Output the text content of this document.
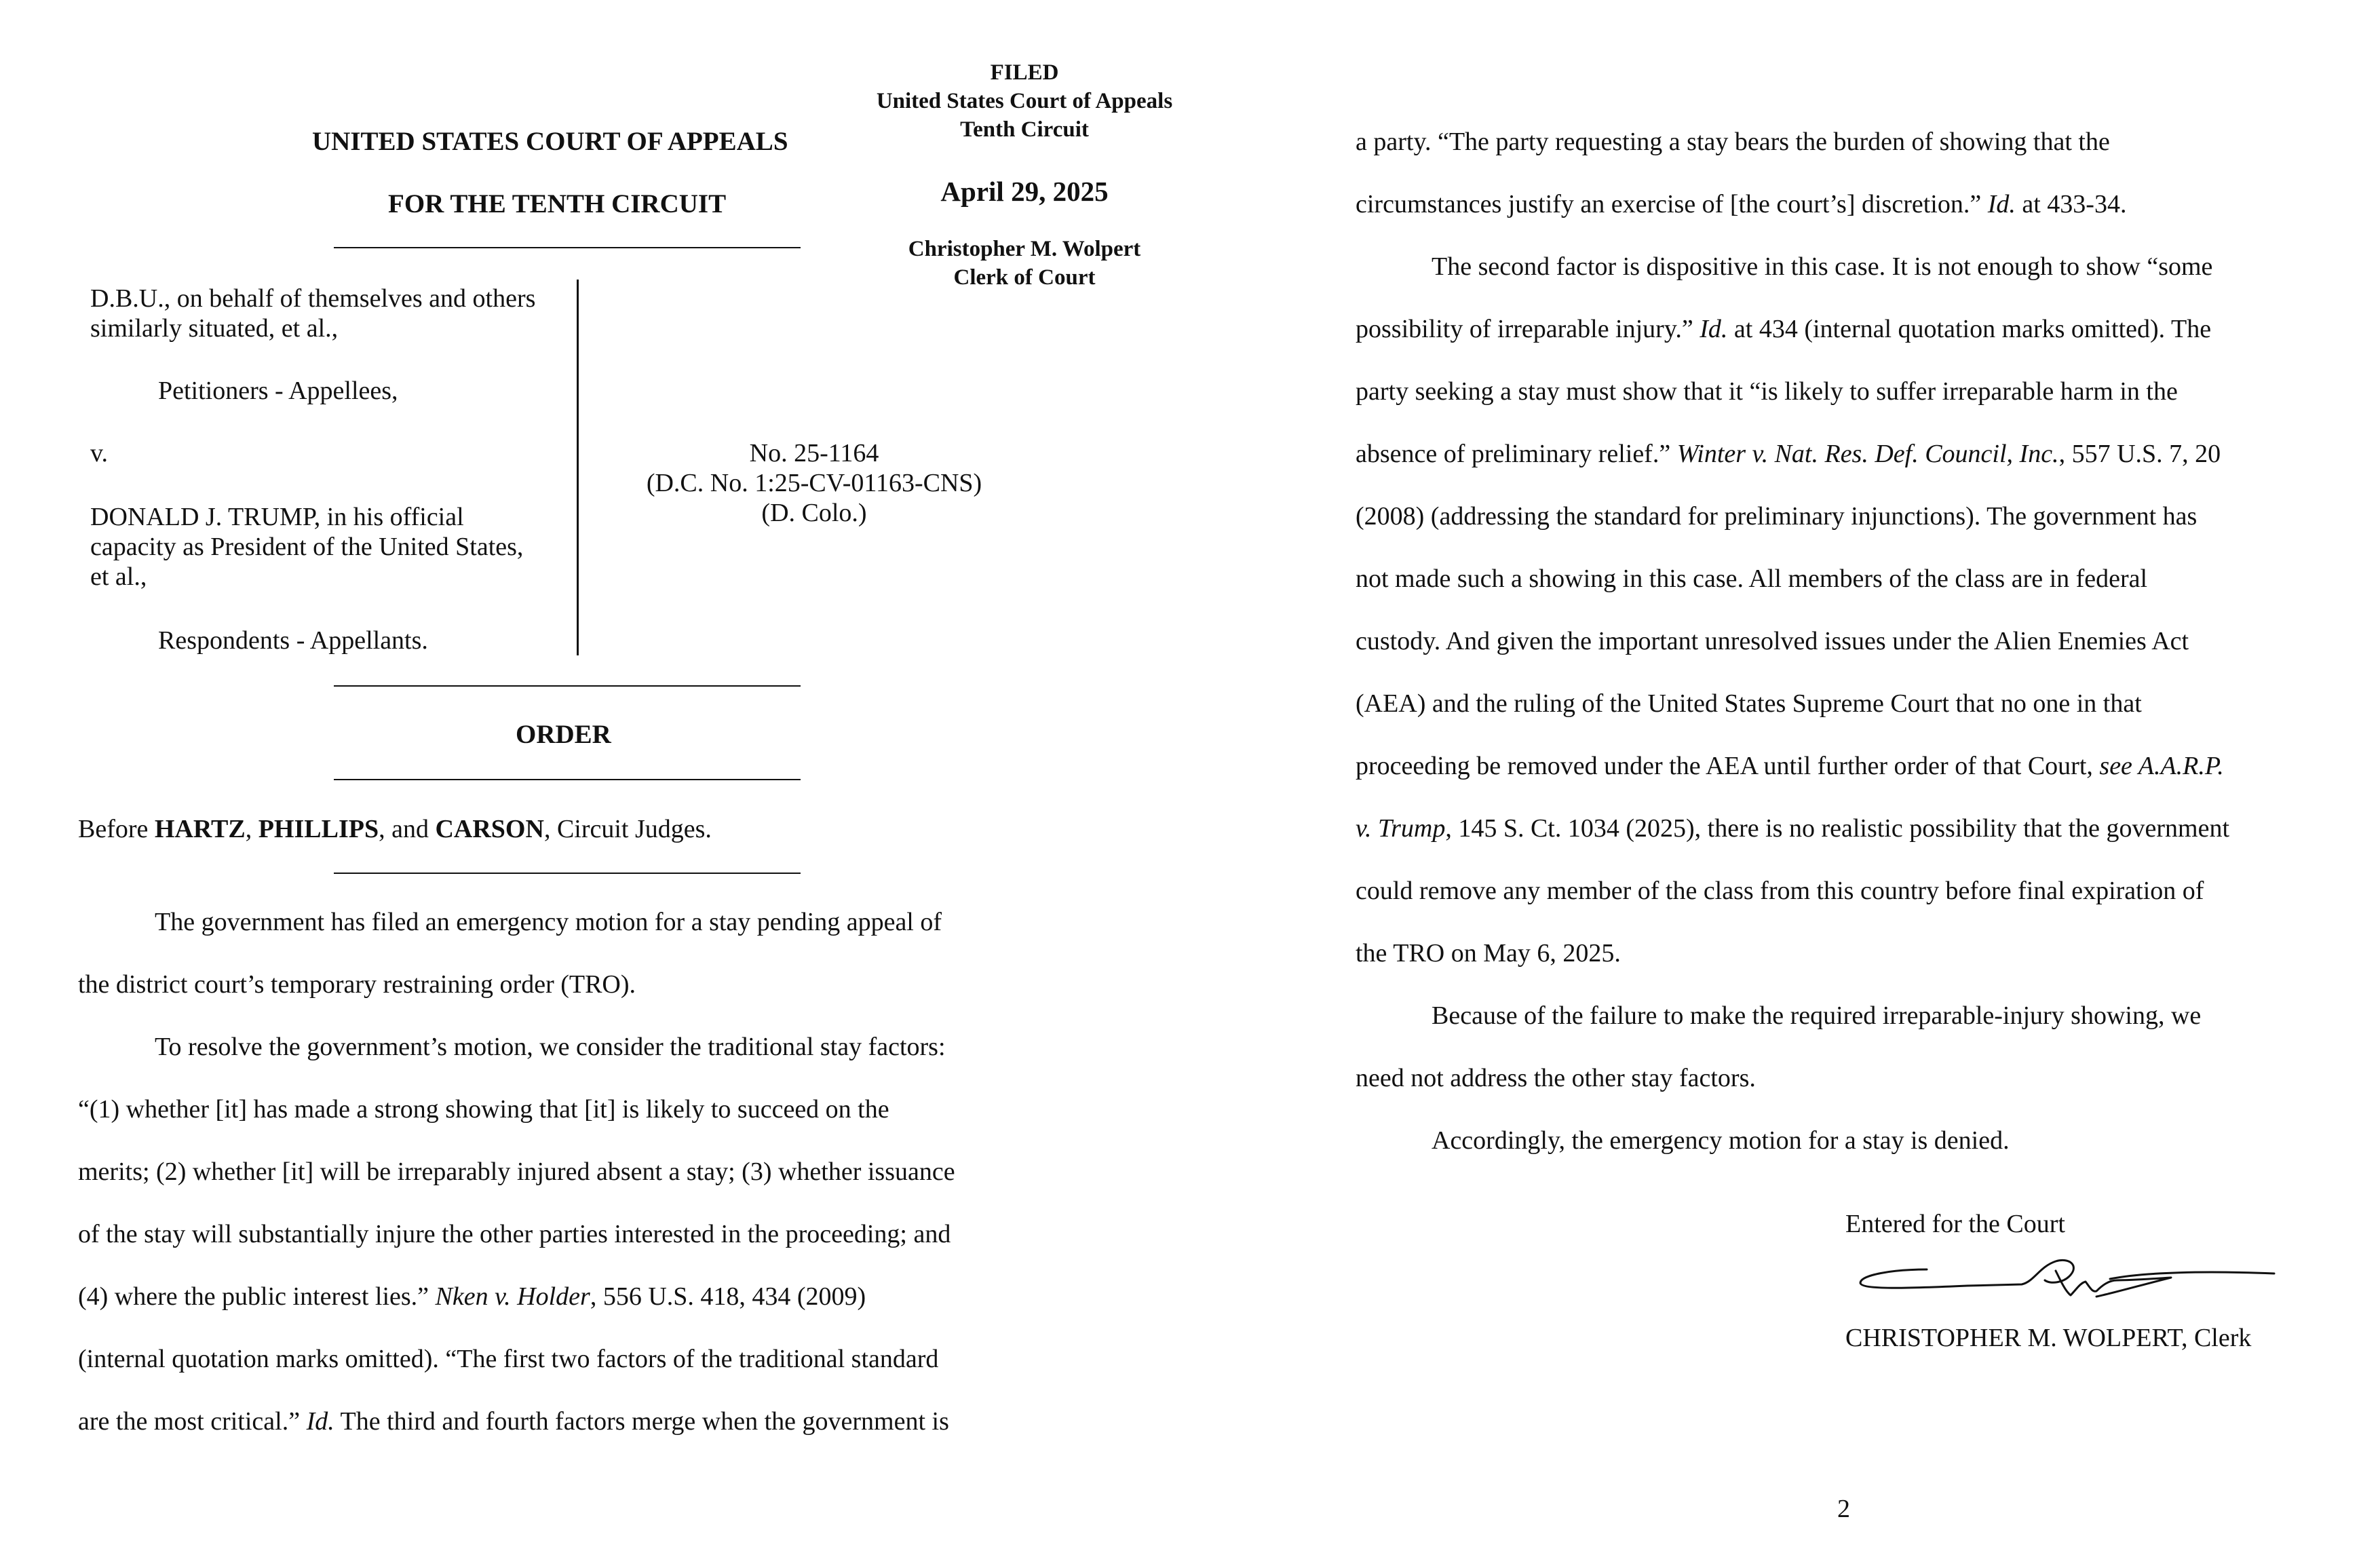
FILED
United States Court of Appeals
Tenth Circuit
April 29, 2025
Christopher M. Wolpert
Clerk of Court
UNITED STATES COURT OF APPEALS
FOR THE TENTH CIRCUIT
D.B.U., on behalf of themselves and others
similarly situated, et al.,
Petitioners - Appellees,
v.
DONALD J. TRUMP, in his official
capacity as President of the United States,
et al.,
Respondents - Appellants.
No. 25-1164
(D.C. No. 1:25-CV-01163-CNS)
(D. Colo.)
ORDER
Before HARTZ, PHILLIPS, and CARSON, Circuit Judges.
The government has filed an emergency motion for a stay pending appeal of
the district court’s temporary restraining order (TRO).
To resolve the government’s motion, we consider the traditional stay factors:
“(1) whether [it] has made a strong showing that [it] is likely to succeed on the
merits; (2) whether [it] will be irreparably injured absent a stay; (3) whether issuance
of the stay will substantially injure the other parties interested in the proceeding; and
(4) where the public interest lies.” Nken v. Holder, 556 U.S. 418, 434 (2009)
(internal quotation marks omitted). “The first two factors of the traditional standard
are the most critical.” Id. The third and fourth factors merge when the government is
a party. “The party requesting a stay bears the burden of showing that the
circumstances justify an exercise of [the court’s] discretion.” Id. at 433-34.
The second factor is dispositive in this case. It is not enough to show “some
possibility of irreparable injury.” Id. at 434 (internal quotation marks omitted). The
party seeking a stay must show that it “is likely to suffer irreparable harm in the
absence of preliminary relief.” Winter v. Nat. Res. Def. Council, Inc., 557 U.S. 7, 20
(2008) (addressing the standard for preliminary injunctions). The government has
not made such a showing in this case. All members of the class are in federal
custody. And given the important unresolved issues under the Alien Enemies Act
(AEA) and the ruling of the United States Supreme Court that no one in that
proceeding be removed under the AEA until further order of that Court, see A.A.R.P.
v. Trump, 145 S. Ct. 1034 (2025), there is no realistic possibility that the government
could remove any member of the class from this country before final expiration of
the TRO on May 6, 2025.
Because of the failure to make the required irreparable-injury showing, we
need not address the other stay factors.
Accordingly, the emergency motion for a stay is denied.
Entered for the Court
CHRISTOPHER M. WOLPERT, Clerk
2
